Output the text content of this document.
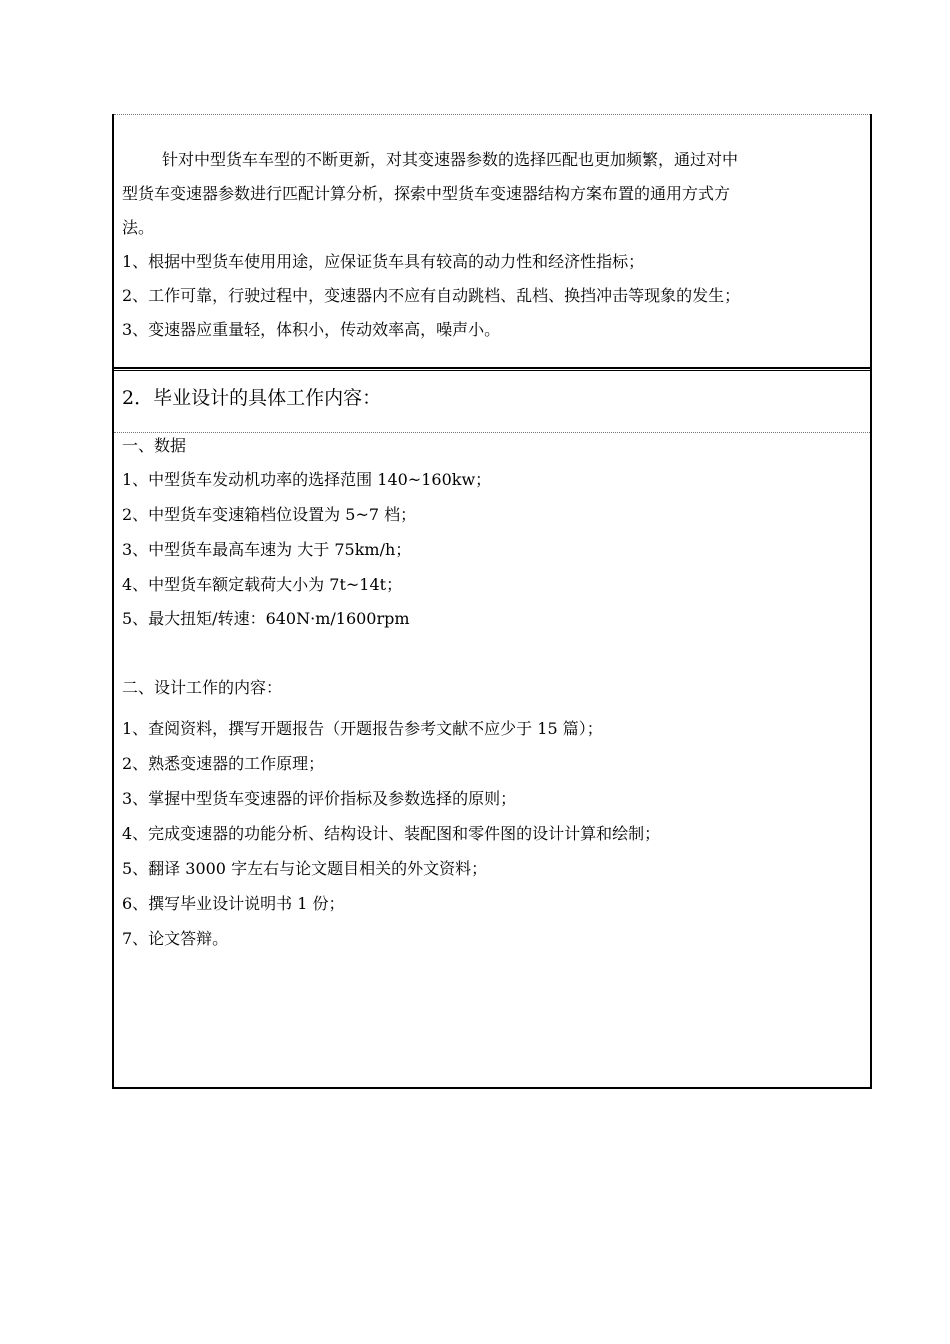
针对中型货车车型的不断更新，对其变速器参数的选择匹配也更加频繁，通过对中
型货车变速器参数进行匹配计算分析，探索中型货车变速器结构方案布置的通用方式方
法。
1、根据中型货车使用用途，应保证货车具有较高的动力性和经济性指标；
2、工作可靠，行驶过程中，变速器内不应有自动跳档、乱档、换挡冲击等现象的发生；
3、变速器应重量轻，体积小，传动效率高，噪声小。
2．毕业设计的具体工作内容：
一、数据
1、中型货车发动机功率的选择范围 140~160kw；
2、中型货车变速箱档位设置为 5~7 档；
3、中型货车最高车速为 大于 75km/h；
4、中型货车额定载荷大小为 7t~14t；
5、最大扭矩/转速：640N·m/1600rpm
二、设计工作的内容：
1、查阅资料，撰写开题报告（开题报告参考文献不应少于 15 篇）；
2、熟悉变速器的工作原理；
3、掌握中型货车变速器的评价指标及参数选择的原则；
4、完成变速器的功能分析、结构设计、装配图和零件图的设计计算和绘制；
5、翻译 3000 字左右与论文题目相关的外文资料；
6、撰写毕业设计说明书 1 份；
7、论文答辩。
